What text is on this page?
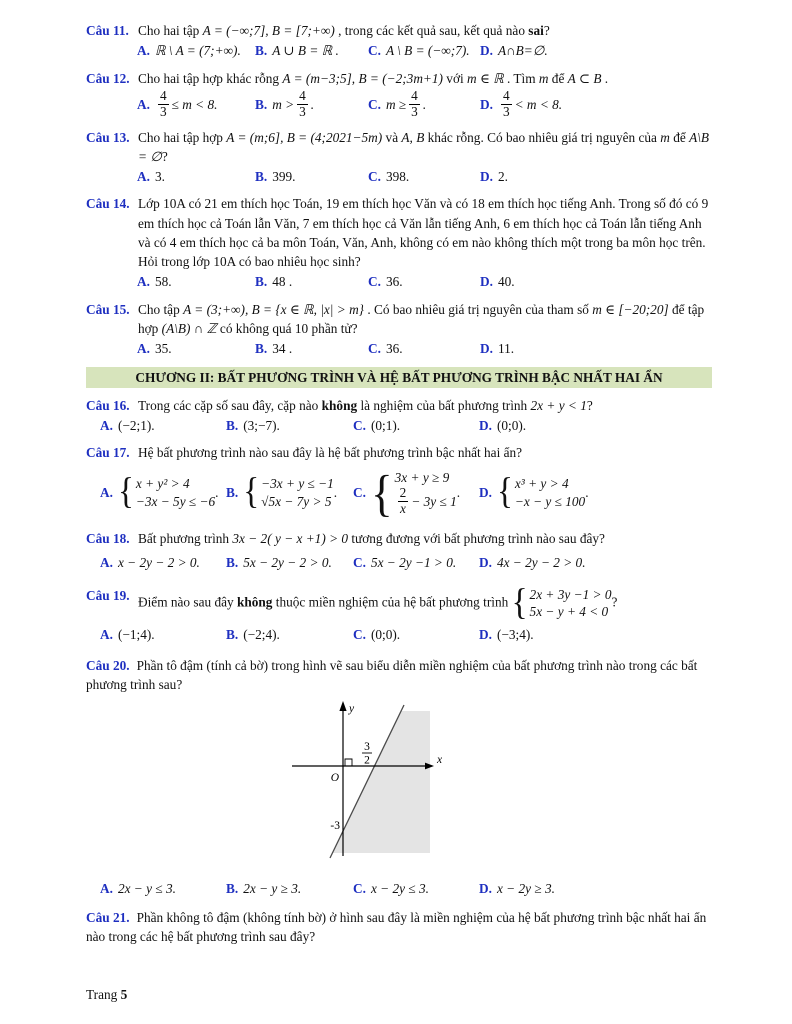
Câu 11. Cho hai tập A = (−∞;7], B = [7;+∞) , trong các kết quả sau, kết quả nào sai?
A. ℝ \ A = (7;+∞).	B. A ∪ B = ℝ .	C. A \ B = (−∞;7). D. A∩B=∅.
Câu 12. Cho hai tập hợp khác rỗng A = (m−3;5], B = (−2;3m+1) với m ∈ ℝ . Tìm m để A ⊂ B .
A. $\frac{4}{3} \le m < 8$.	B. $m > \frac{4}{3}$ .	C. $m \ge \frac{4}{3}$ .	D. $\frac{4}{3} < m < 8$.
Câu 13. Cho hai tập hợp A = (m;6], B = (4;2021−5m) và A, B khác rỗng. Có bao nhiêu giá trị nguyên của m để A\B = ∅?
A. 3.	B. 399.	C. 398.	D. 2.
Câu 14. Lớp 10A có 21 em thích học Toán, 19 em thích học Văn và có 18 em thích học tiếng Anh. Trong số đó có 9 em thích học cả Toán lẫn Văn, 7 em thích học cả Văn lẫn tiếng Anh, 6 em thích học cả Toán lẫn tiếng Anh và có 4 em thích học cả ba môn Toán, Văn, Anh, không có em nào không thích một trong ba môn học trên. Hỏi trong lớp 10A có bao nhiêu học sinh?
A. 58.	B. 48 .	C. 36.	D. 40.
Câu 15. Cho tập A = (3;+∞), B = {x ∈ ℝ, |x| > m} . Có bao nhiêu giá trị nguyên của tham số m ∈ [−20;20] để tập hợp (A\B) ∩ ℤ có không quá 10 phần tử?
A. 35.	B. 34 .	C. 36.	D. 11.
CHƯƠNG II: BẤT PHƯƠNG TRÌNH VÀ HỆ BẤT PHƯƠNG TRÌNH BẬC NHẤT HAI ẨN
Câu 16. Trong các cặp số sau đây, cặp nào không là nghiệm của bất phương trình 2x + y < 1?
A. (−2;1).	B. (3;−7).	C. (0;1).	D. (0;0).
Câu 17. Hệ bất phương trình nào sau đây là hệ bất phương trình bậc nhất hai ẩn?
A. { x + y² > 4
−3x − 5y ≤ −6
. B. { −3x + y ≤ −1
√5x − 7y > 5
. C. { 3x + y ≥ 9
$\frac{2}{x} - 3y \le 1$
. D. { x³ + y > 4
−x − y ≤ 100
.
Câu 18. Bất phương trình 3x − 2( y − x +1) > 0 tương đương với bất phương trình nào sau đây?
A. x − 2y − 2 > 0.	B. 5x − 2y − 2 > 0.	C. 5x − 2y −1 > 0.	D. 4x − 2y − 2 > 0.
Câu 19. Điểm nào sau đây không thuộc miền nghiệm của hệ bất phương trình { 2x + 3y −1 > 0
5x − y + 4 < 0
?
A. (−1;4).	B. (−2;4).	C. (0;0).	D. (−3;4).
Câu 20. Phần tô đậm (tính cả bờ) trong hình vẽ sau biểu diễn miền nghiệm của bất phương trình nào trong các bất phương trình sau?
y
x
O
3
2
-3
A. 2x − y ≤ 3.	B. 2x − y ≥ 3.	C. x − 2y ≤ 3.	D. x − 2y ≥ 3.
Câu 21. Phần không tô đậm (không tính bờ) ở hình sau đây là miền nghiệm của hệ bất phương trình bậc nhất hai ẩn nào trong các hệ bất phương trình sau đây?
Trang 5
